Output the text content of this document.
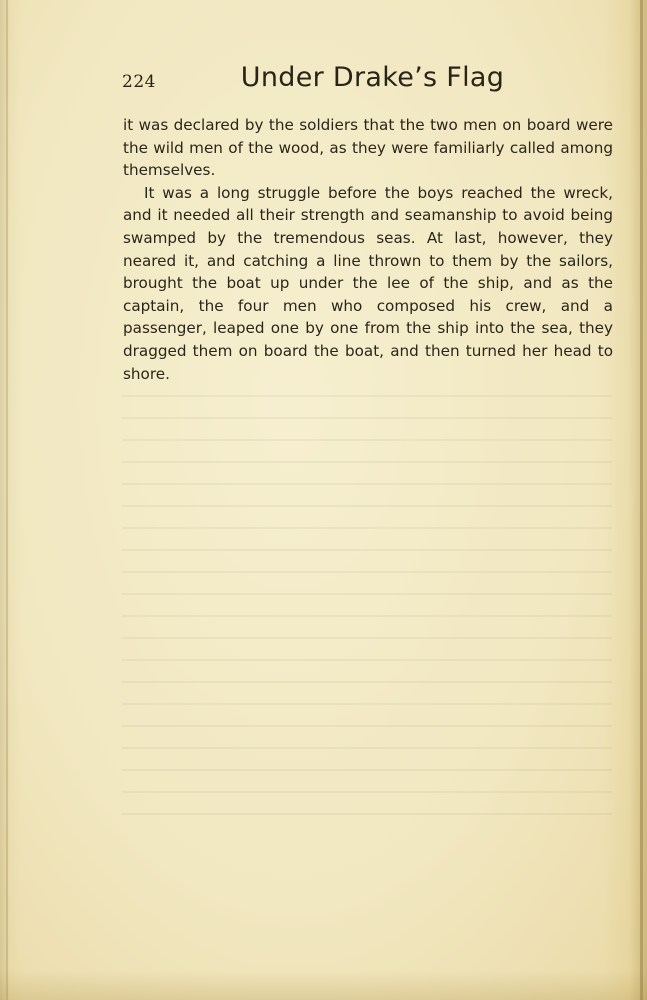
224	Under Drake’s Flag

it was declared by the soldiers that the two men on board were the wild men of the wood, as they were familiarly called among themselves.

It was a long struggle before the boys reached the wreck, and it needed all their strength and seamanship to avoid being swamped by the tremendous seas. At last, however, they neared it, and catching a line thrown to them by the sailors, brought the boat up under the lee of the ship, and as the captain, the four men who composed his crew, and a passenger, leaped one by one from the ship into the sea, they dragged them on board the boat, and then turned her head to shore.
